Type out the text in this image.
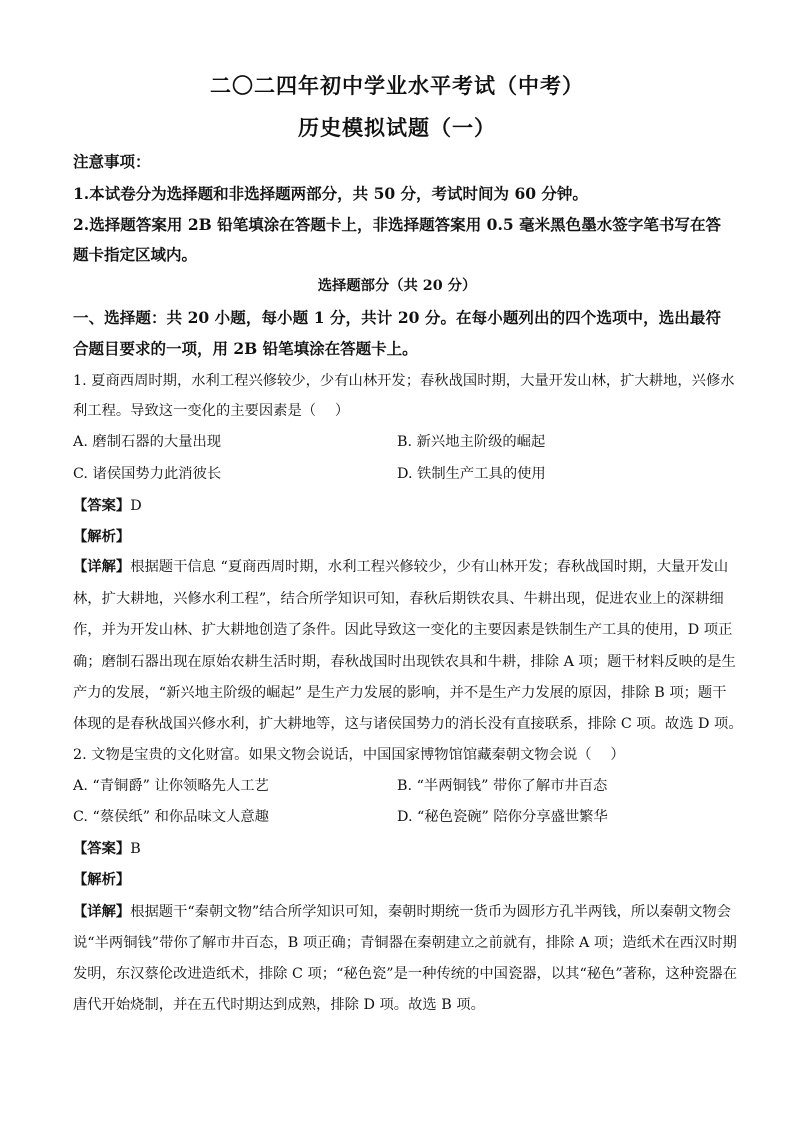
二〇二四年初中学业水平考试（中考）
历史模拟试题（一）
注意事项：
1.本试卷分为选择题和非选择题两部分，共 50 分，考试时间为 60 分钟。
2.选择题答案用 2B 铅笔填涂在答题卡上，非选择题答案用 0.5 毫米黑色墨水签字笔书写在答
题卡指定区域内。
选择题部分（共 20 分）
一、选择题：共 20 小题，每小题 1 分，共计 20 分。在每小题列出的四个选项中，选出最符
合题目要求的一项，用 2B 铅笔填涂在答题卡上。
1. 夏商西周时期，水利工程兴修较少，少有山林开发；春秋战国时期，大量开发山林，扩大耕地，兴修水
利工程。导致这一变化的主要因素是（　 ）
A. 磨制石器的大量出现	B. 新兴地主阶级的崛起
C. 诸侯国势力此消彼长	D. 铁制生产工具的使用
【答案】D
【解析】
【详解】根据题干信息 “夏商西周时期，水利工程兴修较少，少有山林开发；春秋战国时期，大量开发山
林，扩大耕地，兴修水利工程”，结合所学知识可知，春秋后期铁农具、牛耕出现，促进农业上的深耕细
作，并为开发山林、扩大耕地创造了条件。因此导致这一变化的主要因素是铁制生产工具的使用，D 项正
确；磨制石器出现在原始农耕生活时期，春秋战国时出现铁农具和牛耕，排除 A 项；题干材料反映的是生
产力的发展，“新兴地主阶级的崛起” 是生产力发展的影响，并不是生产力发展的原因，排除 B 项；题干
体现的是春秋战国兴修水利，扩大耕地等，这与诸侯国势力的消长没有直接联系，排除 C 项。故选 D 项。
2. 文物是宝贵的文化财富。如果文物会说话，中国国家博物馆馆藏秦朝文物会说（　 ）
A. “青铜爵” 让你领略先人工艺	B. “半两铜钱” 带你了解市井百态
C. “蔡侯纸” 和你品味文人意趣	D. “秘色瓷碗” 陪你分享盛世繁华
【答案】B
【解析】
【详解】根据题干“秦朝文物”结合所学知识可知，秦朝时期统一货币为圆形方孔半两钱，所以秦朝文物会
说“半两铜钱”带你了解市井百态，B 项正确；青铜器在秦朝建立之前就有，排除 A 项；造纸术在西汉时期
发明，东汉蔡伦改进造纸术，排除 C 项；“秘色瓷”是一种传统的中国瓷器，以其“秘色”著称，这种瓷器在
唐代开始烧制，并在五代时期达到成熟，排除 D 项。故选 B 项。
